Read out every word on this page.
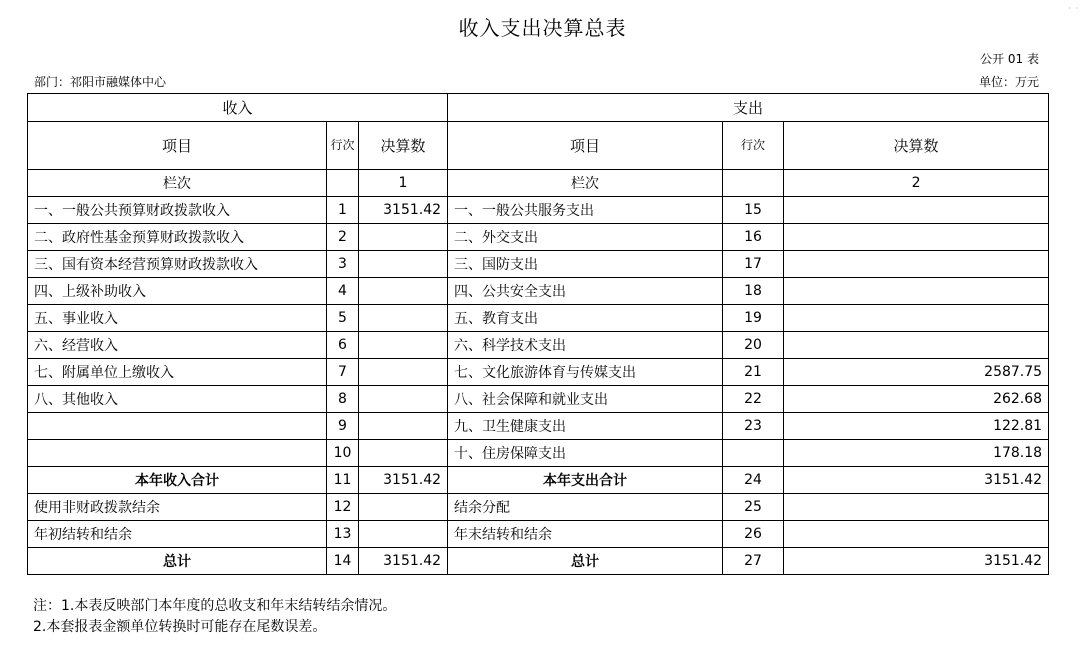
· ·
收入支出决算总表
公开 01 表
部门：祁阳市融媒体中心	单位：万元
收入			支出		
项目	行次	决算数	项目	行次	决算数
栏次		1	栏次		2
一、一般公共预算财政拨款收入	1	3151.42	一、一般公共服务支出	15	
二、政府性基金预算财政拨款收入	2		二、外交支出	16	
三、国有资本经营预算财政拨款收入	3		三、国防支出	17	
四、上级补助收入	4		四、公共安全支出	18	
五、事业收入	5		五、教育支出	19	
六、经营收入	6		六、科学技术支出	20	
七、附属单位上缴收入	7		七、文化旅游体育与传媒支出	21	2587.75
八、其他收入	8		八、社会保障和就业支出	22	262.68
	9		九、卫生健康支出	23	122.81
	10		十、住房保障支出		178.18
本年收入合计	11	3151.42	本年支出合计	24	3151.42
使用非财政拨款结余	12		结余分配	25	
年初结转和结余	13		年末结转和结余	26	
总计	14	3151.42	总计	27	3151.42
注：1.本表反映部门本年度的总收支和年末结转结余情况。
2.本套报表金额单位转换时可能存在尾数误差。
